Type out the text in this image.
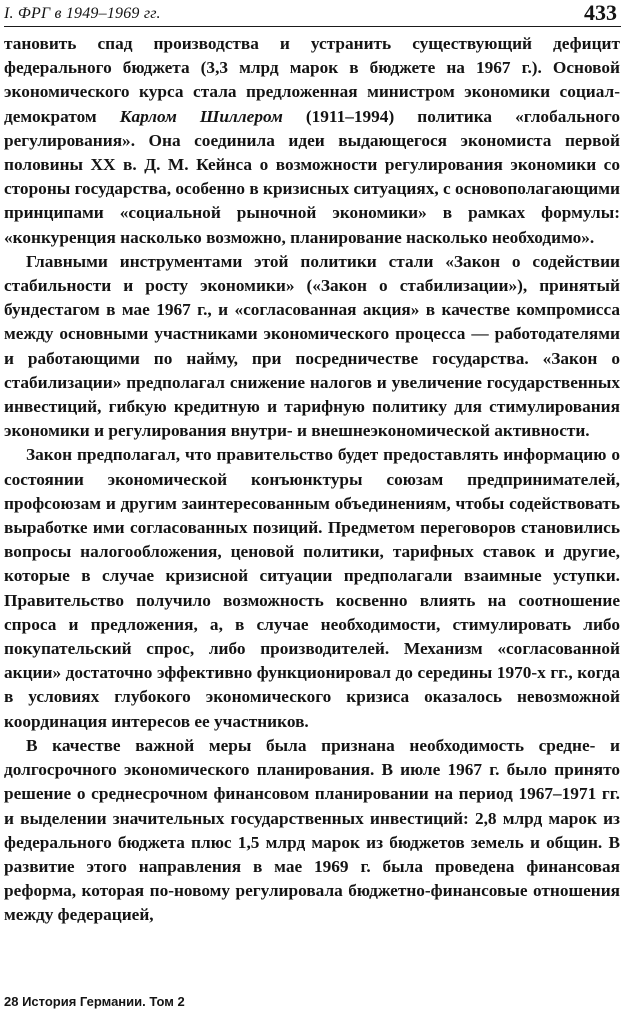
I. ФРГ в 1949–1969 гг.	433

тановить спад производства и устранить существующий дефицит федерального бюджета (3,3 млрд марок в бюджете на 1967 г.). Основой экономического курса стала предложенная министром экономики социал-демократом Карлом Шиллером (1911–1994) политика «глобального регулирования». Она соединила идеи выдающегося экономиста первой половины XX в. Д. М. Кейнса о возможности регулирования экономики со стороны государства, особенно в кризисных ситуациях, с основополагающими принципами «социальной рыночной экономики» в рамках формулы: «конкуренция насколько возможно, планирование насколько необходимо».

Главными инструментами этой политики стали «Закон о содействии стабильности и росту экономики» («Закон о стабилизации»), принятый бундестагом в мае 1967 г., и «согласованная акция» в качестве компромисса между основными участниками экономического процесса — работодателями и работающими по найму, при посредничестве государства. «Закон о стабилизации» предполагал снижение налогов и увеличение государственных инвестиций, гибкую кредитную и тарифную политику для стимулирования экономики и регулирования внутри- и внешнеэкономической активности.

Закон предполагал, что правительство будет предоставлять информацию о состоянии экономической конъюнктуры союзам предпринимателей, профсоюзам и другим заинтересованным объединениям, чтобы содействовать выработке ими согласованных позиций. Предметом переговоров становились вопросы налогообложения, ценовой политики, тарифных ставок и другие, которые в случае кризисной ситуации предполагали взаимные уступки. Правительство получило возможность косвенно влиять на соотношение спроса и предложения, а, в случае необходимости, стимулировать либо покупательский спрос, либо производителей. Механизм «согласованной акции» достаточно эффективно функционировал до середины 1970-х гг., когда в условиях глубокого экономического кризиса оказалось невозможной координация интересов ее участников.

В качестве важной меры была признана необходимость средне- и долгосрочного экономического планирования. В июле 1967 г. было принято решение о среднесрочном финансовом планировании на период 1967–1971 гг. и выделении значительных государственных инвестиций: 2,8 млрд марок из федерального бюджета плюс 1,5 млрд марок из бюджетов земель и общин. В развитие этого направления в мае 1969 г. была проведена финансовая реформа, которая по-новому регулировала бюджетно-финансовые отношения между федерацией,

28 История Германии. Том 2
